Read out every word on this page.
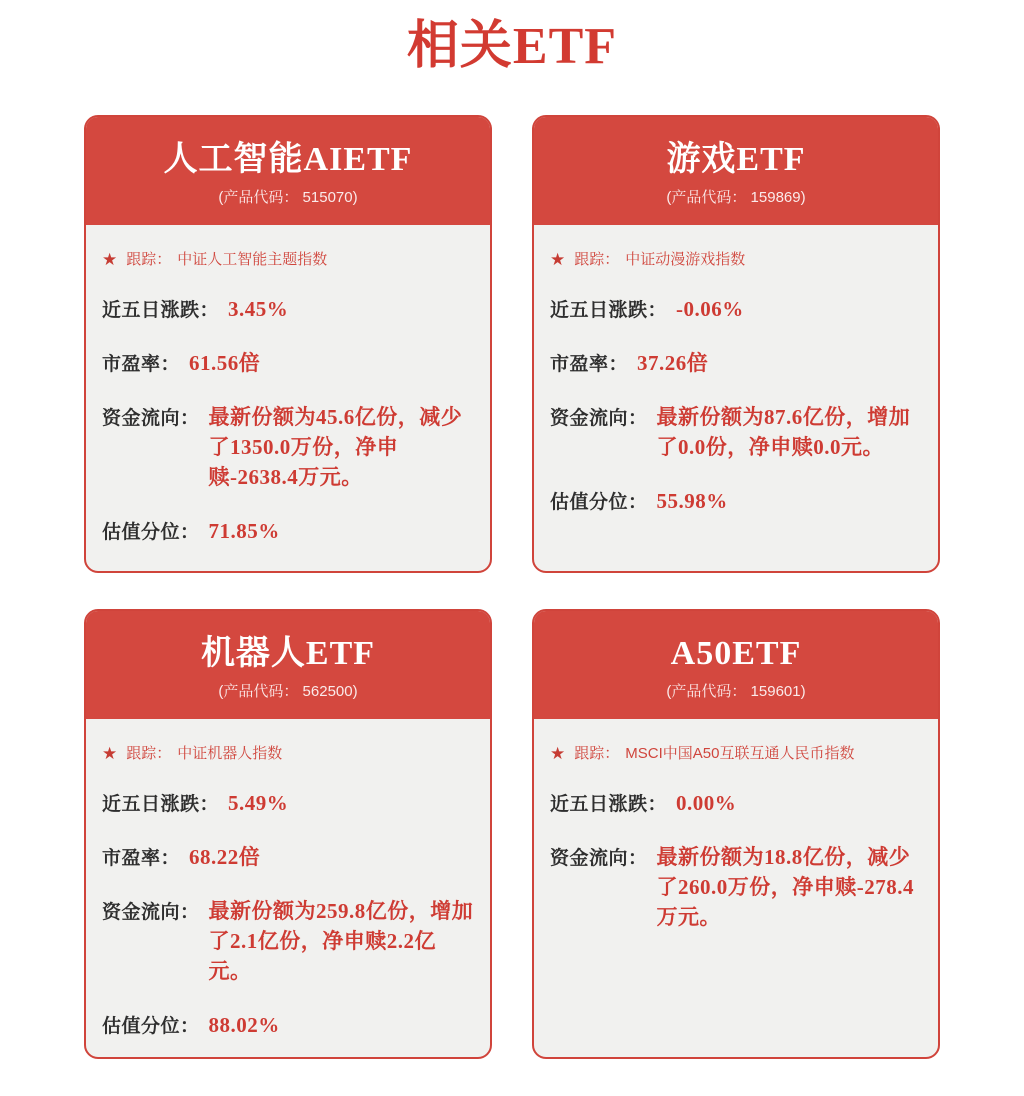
相关ETF
人工智能AIETF
(产品代码： 515070)
★ 跟踪： 中证人工智能主题指数
近五日涨跌： 3.45%
市盈率： 61.56倍
资金流向： 最新份额为45.6亿份，减少了1350.0万份，净申赎-2638.4万元。
估值分位： 71.85%
游戏ETF
(产品代码： 159869)
★ 跟踪： 中证动漫游戏指数
近五日涨跌： -0.06%
市盈率： 37.26倍
资金流向： 最新份额为87.6亿份，增加了0.0份，净申赎0.0元。
估值分位： 55.98%
机器人ETF
(产品代码： 562500)
★ 跟踪： 中证机器人指数
近五日涨跌： 5.49%
市盈率： 68.22倍
资金流向： 最新份额为259.8亿份，增加了2.1亿份，净申赎2.2亿元。
估值分位： 88.02%
A50ETF
(产品代码： 159601)
★ 跟踪： MSCI中国A50互联互通人民币指数
近五日涨跌： 0.00%
资金流向： 最新份额为18.8亿份，减少了260.0万份，净申赎-278.4万元。
